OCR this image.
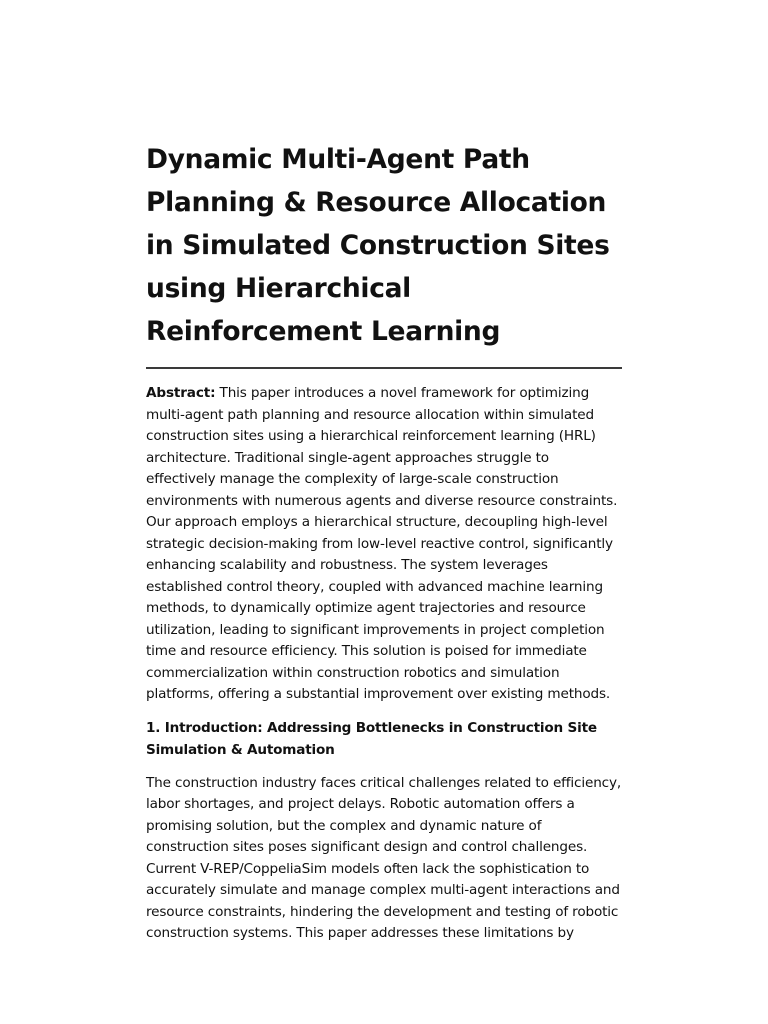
Dynamic Multi-Agent Path Planning & Resource Allocation in Simulated Construction Sites using Hierarchical Reinforcement Learning

Abstract: This paper introduces a novel framework for optimizing multi-agent path planning and resource allocation within simulated construction sites using a hierarchical reinforcement learning (HRL) architecture. Traditional single-agent approaches struggle to effectively manage the complexity of large-scale construction environments with numerous agents and diverse resource constraints. Our approach employs a hierarchical structure, decoupling high-level strategic decision-making from low-level reactive control, significantly enhancing scalability and robustness. The system leverages established control theory, coupled with advanced machine learning methods, to dynamically optimize agent trajectories and resource utilization, leading to significant improvements in project completion time and resource efficiency. This solution is poised for immediate commercialization within construction robotics and simulation platforms, offering a substantial improvement over existing methods.

1. Introduction: Addressing Bottlenecks in Construction Site Simulation & Automation

The construction industry faces critical challenges related to efficiency, labor shortages, and project delays. Robotic automation offers a promising solution, but the complex and dynamic nature of construction sites poses significant design and control challenges. Current V-REP/CoppeliaSim models often lack the sophistication to accurately simulate and manage complex multi-agent interactions and resource constraints, hindering the development and testing of robotic construction systems. This paper addresses these limitations by
